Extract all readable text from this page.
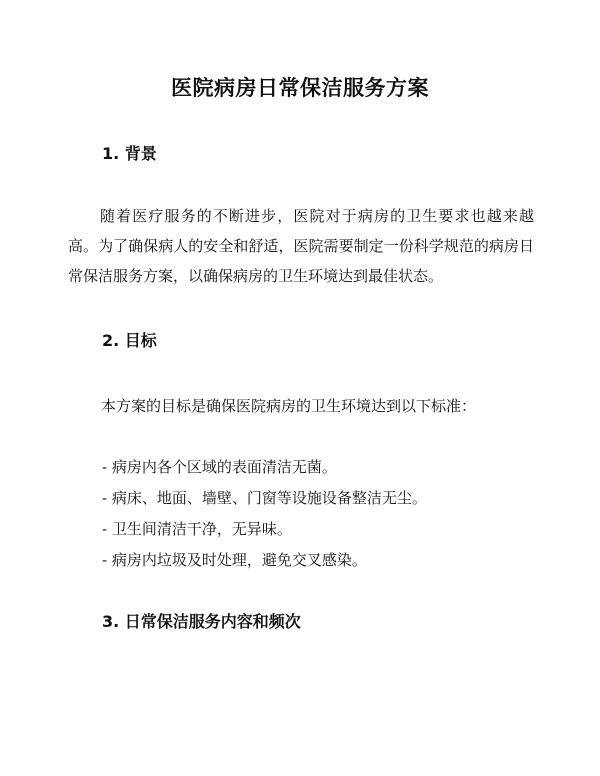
医院病房日常保洁服务方案
1. 背景
随着医疗服务的不断进步，医院对于病房的卫生要求也越来越高。为了确保病人的安全和舒适，医院需要制定一份科学规范的病房日常保洁服务方案，以确保病房的卫生环境达到最佳状态。
2. 目标
本方案的目标是确保医院病房的卫生环境达到以下标准：
- 病房内各个区域的表面清洁无菌。
- 病床、地面、墙壁、门窗等设施设备整洁无尘。
- 卫生间清洁干净，无异味。
- 病房内垃圾及时处理，避免交叉感染。
3. 日常保洁服务内容和频次
